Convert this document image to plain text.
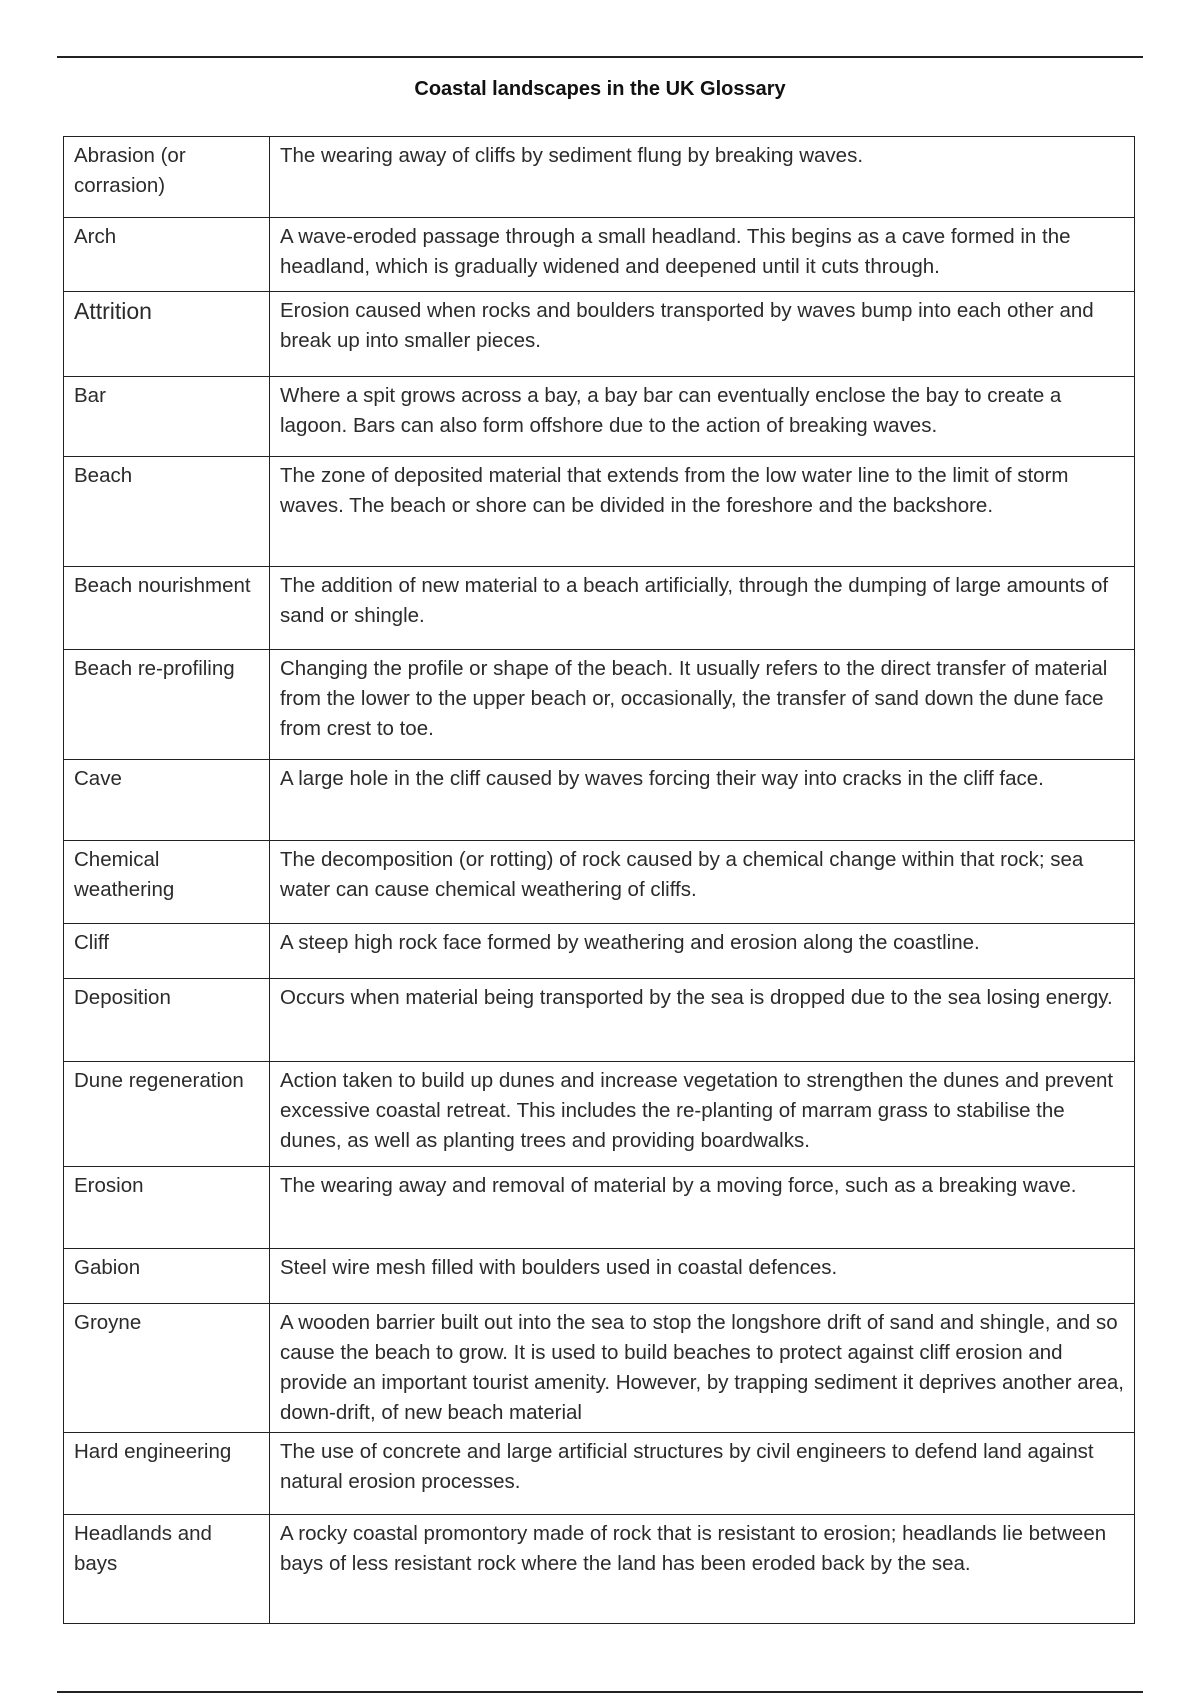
Coastal landscapes in the UK Glossary
Abrasion (or corrasion)	The wearing away of cliffs by sediment flung by breaking waves.
Arch	A wave-eroded passage through a small headland. This begins as a cave formed in the headland, which is gradually widened and deepened until it cuts through.
Attrition	Erosion caused when rocks and boulders transported by waves bump into each other and break up into smaller pieces.
Bar	Where a spit grows across a bay, a bay bar can eventually enclose the bay to create a lagoon. Bars can also form offshore due to the action of breaking waves.
Beach	The zone of deposited material that extends from the low water line to the limit of storm waves. The beach or shore can be divided in the foreshore and the backshore.
Beach nourishment	The addition of new material to a beach artificially, through the dumping of large amounts of sand or shingle.
Beach re-profiling	Changing the profile or shape of the beach. It usually refers to the direct transfer of material from the lower to the upper beach or, occasionally, the transfer of sand down the dune face from crest to toe.
Cave	A large hole in the cliff caused by waves forcing their way into cracks in the cliff face.
Chemical weathering	The decomposition (or rotting) of rock caused by a chemical change within that rock; sea water can cause chemical weathering of cliffs.
Cliff	A steep high rock face formed by weathering and erosion along the coastline.
Deposition	Occurs when material being transported by the sea is dropped due to the sea losing energy.
Dune regeneration	Action taken to build up dunes and increase vegetation to strengthen the dunes and prevent excessive coastal retreat. This includes the re-planting of marram grass to stabilise the dunes, as well as planting trees and providing boardwalks.
Erosion	The wearing away and removal of material by a moving force, such as a breaking wave.
Gabion	Steel wire mesh filled with boulders used in coastal defences.
Groyne	A wooden barrier built out into the sea to stop the longshore drift of sand and shingle, and so cause the beach to grow. It is used to build beaches to protect against cliff erosion and provide an important tourist amenity. However, by trapping sediment it deprives another area, down-drift, of new beach material
Hard engineering	The use of concrete and large artificial structures by civil engineers to defend land against natural erosion processes.
Headlands and bays	A rocky coastal promontory made of rock that is resistant to erosion; headlands lie between bays of less resistant rock where the land has been eroded back by the sea.
